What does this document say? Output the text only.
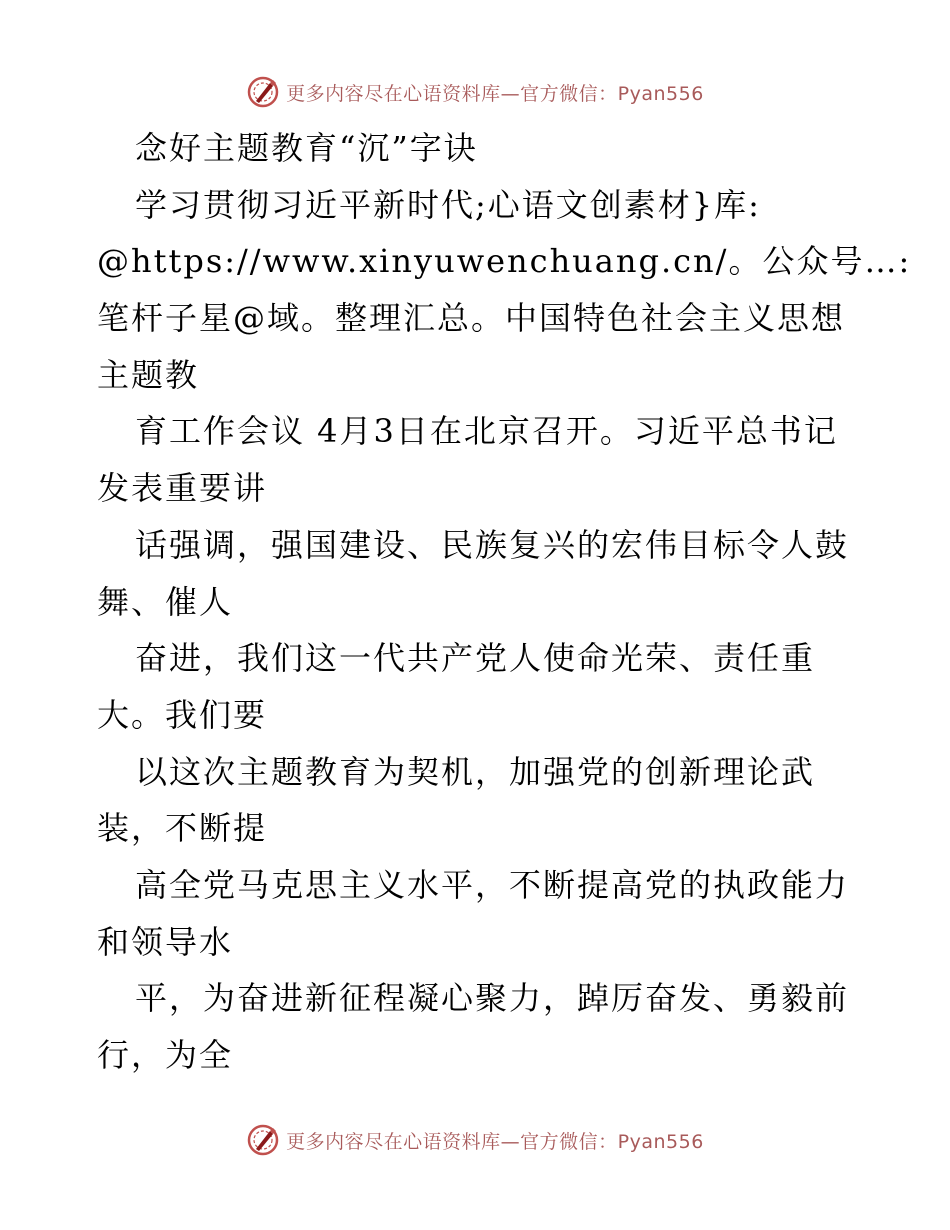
更多内容尽在心语资料库—官方微信：Pyan556
念好主题教育“沉”字诀
学习贯彻习近平新时代;心语文创素材}库:
@https://www.xinyuwenchuang.cn/。公众号…:
笔杆子星@域。整理汇总。中国特色社会主义思想
主题教
育工作会议 4月3日在北京召开。习近平总书记
发表重要讲
话强调，强国建设、民族复兴的宏伟目标令人鼓
舞、催人
奋进，我们这一代共产党人使命光荣、责任重
大。我们要
以这次主题教育为契机，加强党的创新理论武
装，不断提
高全党马克思主义水平，不断提高党的执政能力
和领导水
平，为奋进新征程凝心聚力，踔厉奋发、勇毅前
行，为全
更多内容尽在心语资料库—官方微信：Pyan556
